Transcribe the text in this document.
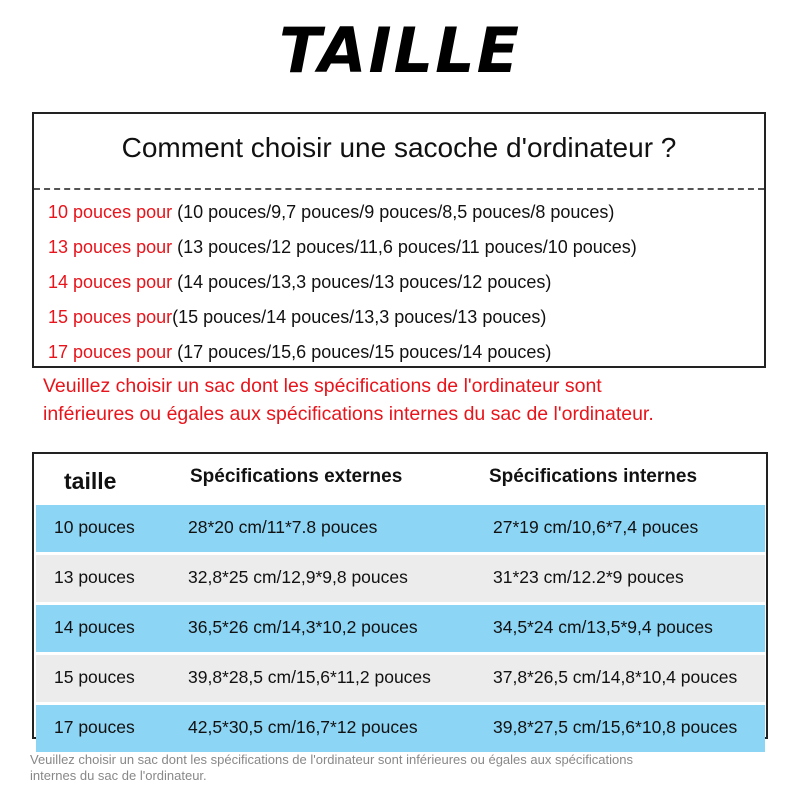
TAILLE
Comment choisir une sacoche d'ordinateur ?
10 pouces pour (10 pouces/9,7 pouces/9 pouces/8,5 pouces/8 pouces)
13 pouces pour (13 pouces/12 pouces/11,6 pouces/11 pouces/10 pouces)
14 pouces pour (14 pouces/13,3 pouces/13 pouces/12 pouces)
15 pouces pour(15 pouces/14 pouces/13,3 pouces/13 pouces)
17 pouces pour (17 pouces/15,6 pouces/15 pouces/14 pouces)
Veuillez choisir un sac dont les spécifications de l'ordinateur sont
inférieures ou égales aux spécifications internes du sac de l'ordinateur.
taille	Spécifications externes	Spécifications internes
10 pouces	28*20 cm/11*7.8 pouces	27*19 cm/10,6*7,4 pouces
13 pouces	32,8*25 cm/12,9*9,8 pouces	31*23 cm/12.2*9 pouces
14 pouces	36,5*26 cm/14,3*10,2 pouces	34,5*24 cm/13,5*9,4 pouces
15 pouces	39,8*28,5 cm/15,6*11,2 pouces	37,8*26,5 cm/14,8*10,4 pouces
17 pouces	42,5*30,5 cm/16,7*12 pouces	39,8*27,5 cm/15,6*10,8 pouces
Veuillez choisir un sac dont les spécifications de l'ordinateur sont inférieures ou égales aux spécifications
internes du sac de l'ordinateur.
